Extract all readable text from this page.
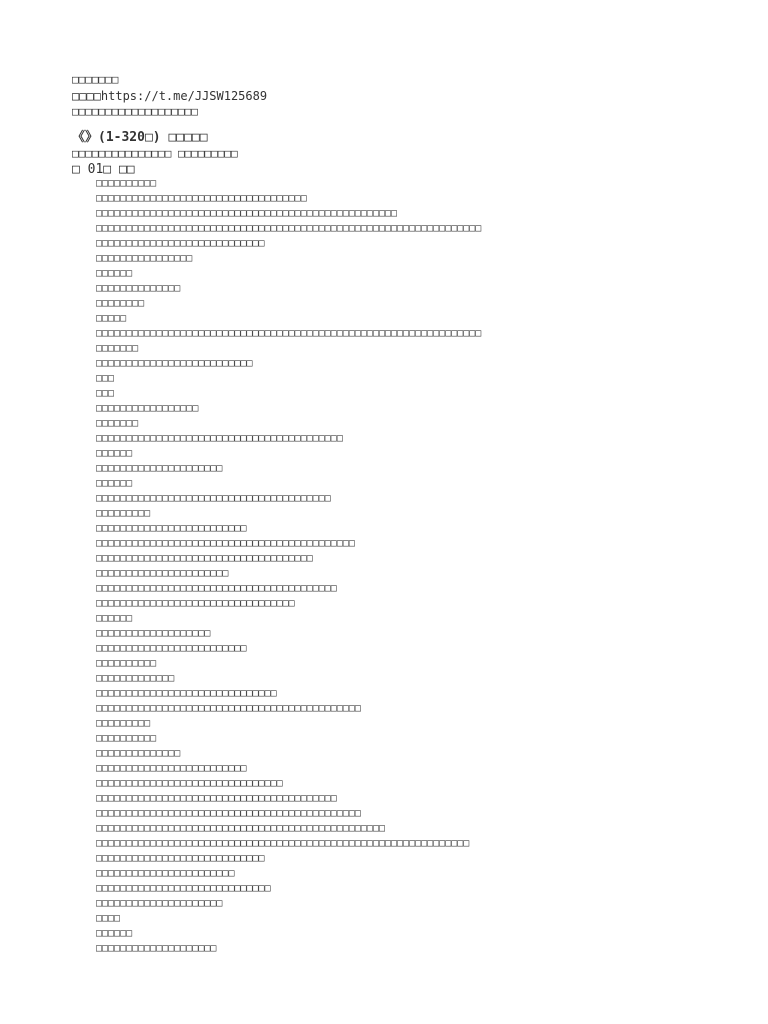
□□□□□□□
□□□□https://t.me/JJSW125689
□□□□□□□□□□□□□□□□□□□
《》(1-320□) □□□□□
□□□□□□□□□□□□□□□ □□□□□□□□□
□ 01□ □□
□□□□□□□□□□
□□□□□□□□□□□□□□□□□□□□□□□□□□□□□□□□□□□
□□□□□□□□□□□□□□□□□□□□□□□□□□□□□□□□□□□□□□□□□□□□□□□□□□
□□□□□□□□□□□□□□□□□□□□□□□□□□□□□□□□□□□□□□□□□□□□□□□□□□□□□□□□□□□□□□□□
□□□□□□□□□□□□□□□□□□□□□□□□□□□□
□□□□□□□□□□□□□□□□
□□□□□□
□□□□□□□□□□□□□□
□□□□□□□□
□□□□□
□□□□□□□□□□□□□□□□□□□□□□□□□□□□□□□□□□□□□□□□□□□□□□□□□□□□□□□□□□□□□□□□
□□□□□□□
□□□□□□□□□□□□□□□□□□□□□□□□□□
□□□
□□□
□□□□□□□□□□□□□□□□□
□□□□□□□
□□□□□□□□□□□□□□□□□□□□□□□□□□□□□□□□□□□□□□□□□
□□□□□□
□□□□□□□□□□□□□□□□□□□□□
□□□□□□
□□□□□□□□□□□□□□□□□□□□□□□□□□□□□□□□□□□□□□□
□□□□□□□□□
□□□□□□□□□□□□□□□□□□□□□□□□□
□□□□□□□□□□□□□□□□□□□□□□□□□□□□□□□□□□□□□□□□□□□
□□□□□□□□□□□□□□□□□□□□□□□□□□□□□□□□□□□□
□□□□□□□□□□□□□□□□□□□□□□
□□□□□□□□□□□□□□□□□□□□□□□□□□□□□□□□□□□□□□□□
□□□□□□□□□□□□□□□□□□□□□□□□□□□□□□□□□
□□□□□□
□□□□□□□□□□□□□□□□□□□
□□□□□□□□□□□□□□□□□□□□□□□□□
□□□□□□□□□□
□□□□□□□□□□□□□
□□□□□□□□□□□□□□□□□□□□□□□□□□□□□□
□□□□□□□□□□□□□□□□□□□□□□□□□□□□□□□□□□□□□□□□□□□□
□□□□□□□□□
□□□□□□□□□□
□□□□□□□□□□□□□□
□□□□□□□□□□□□□□□□□□□□□□□□□
□□□□□□□□□□□□□□□□□□□□□□□□□□□□□□□
□□□□□□□□□□□□□□□□□□□□□□□□□□□□□□□□□□□□□□□□
□□□□□□□□□□□□□□□□□□□□□□□□□□□□□□□□□□□□□□□□□□□□
□□□□□□□□□□□□□□□□□□□□□□□□□□□□□□□□□□□□□□□□□□□□□□□□
□□□□□□□□□□□□□□□□□□□□□□□□□□□□□□□□□□□□□□□□□□□□□□□□□□□□□□□□□□□□□□
□□□□□□□□□□□□□□□□□□□□□□□□□□□□
□□□□□□□□□□□□□□□□□□□□□□□
□□□□□□□□□□□□□□□□□□□□□□□□□□□□□
□□□□□□□□□□□□□□□□□□□□□
□□□□
□□□□□□
□□□□□□□□□□□□□□□□□□□□
